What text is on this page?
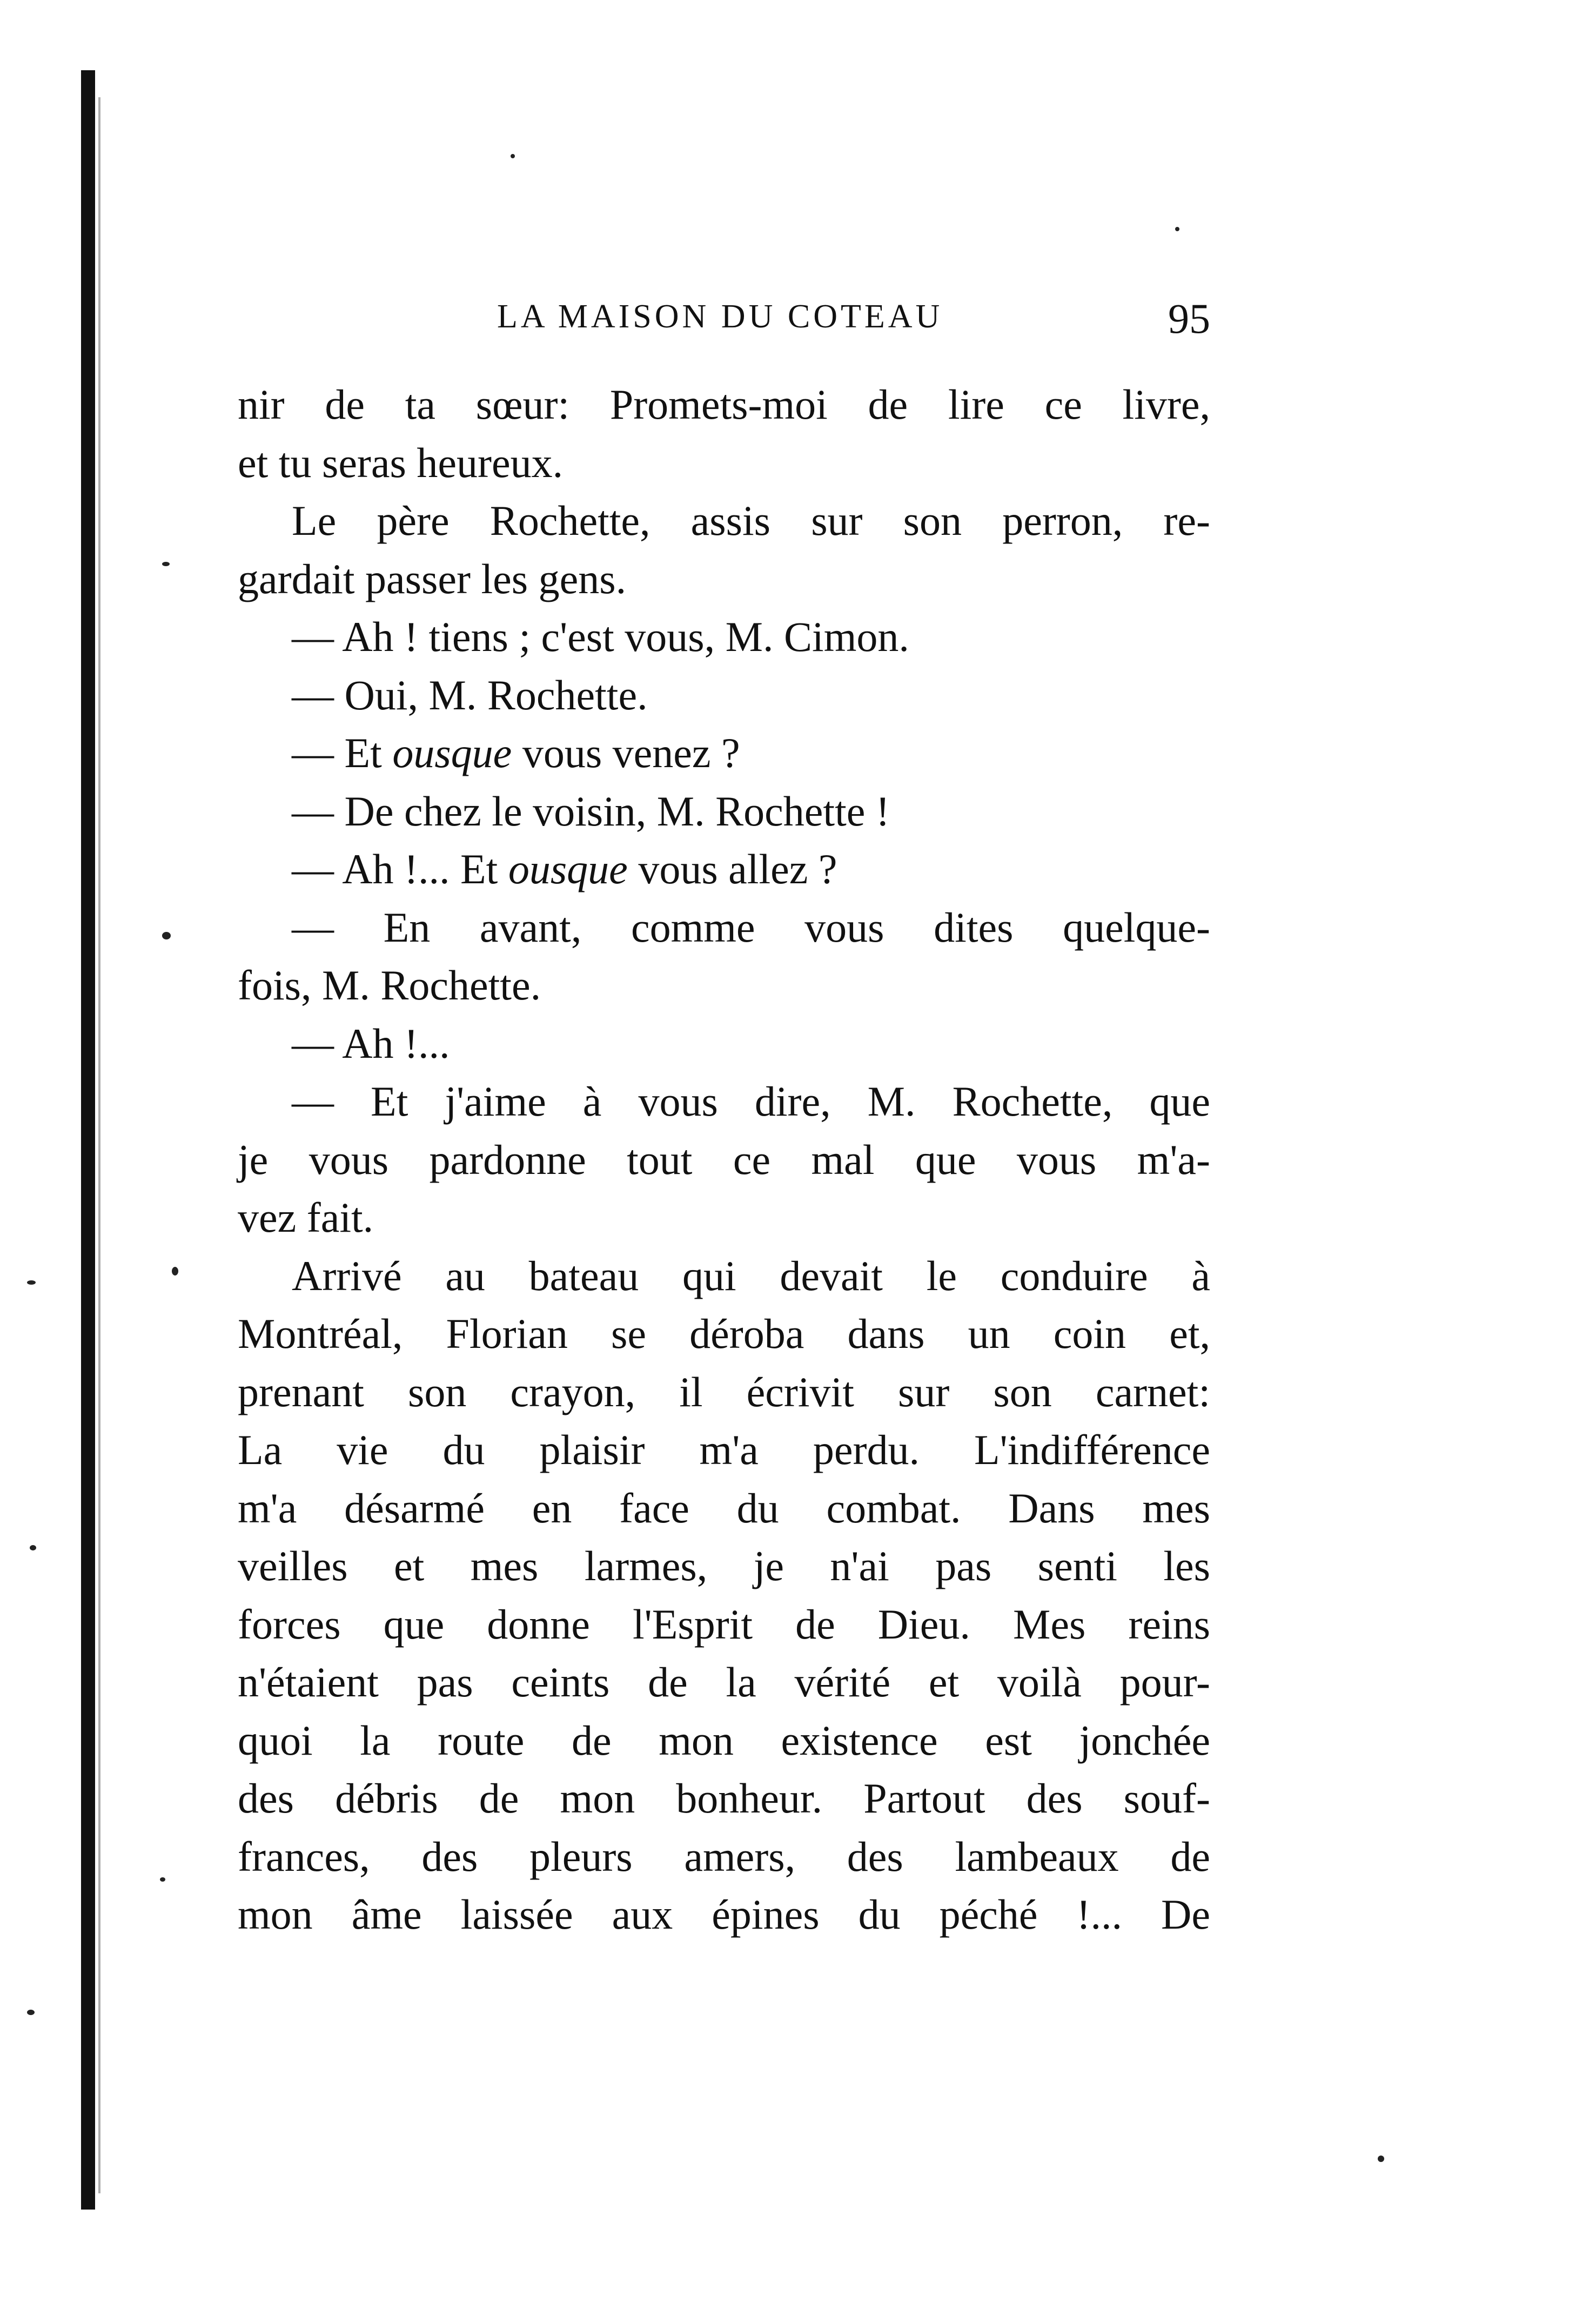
LA MAISON DU COTEAU	95
nir de ta sœur: Promets-moi de lire ce livre,
et tu seras heureux.
Le père Rochette, assis sur son perron, re-
gardait passer les gens.
— Ah ! tiens ; c'est vous, M. Cimon.
— Oui, M. Rochette.
— Et ousque vous venez ?
— De chez le voisin, M. Rochette !
— Ah !... Et ousque vous allez ?
— En avant, comme vous dites quelque-
fois, M. Rochette.
— Ah !...
— Et j'aime à vous dire, M. Rochette, que
je vous pardonne tout ce mal que vous m'a-
vez fait.
Arrivé au bateau qui devait le conduire à
Montréal, Florian se déroba dans un coin et,
prenant son crayon, il écrivit sur son carnet:
La vie du plaisir m'a perdu. L'indifférence
m'a désarmé en face du combat. Dans mes
veilles et mes larmes, je n'ai pas senti les
forces que donne l'Esprit de Dieu. Mes reins
n'étaient pas ceints de la vérité et voilà pour-
quoi la route de mon existence est jonchée
des débris de mon bonheur. Partout des souf-
frances, des pleurs amers, des lambeaux de
mon âme laissée aux épines du péché !... De
